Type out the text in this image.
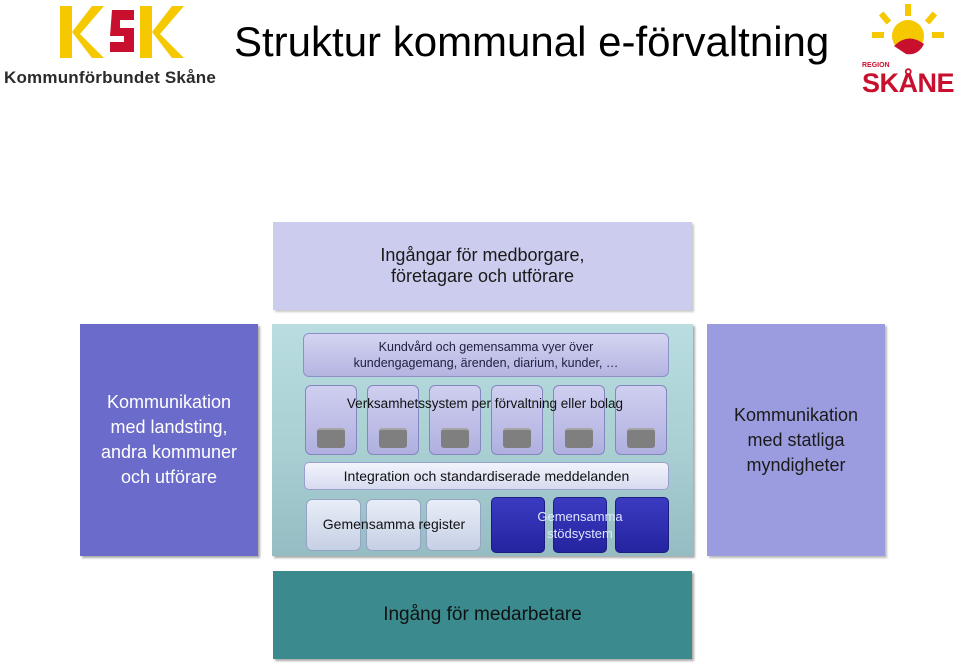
Kommunförbundet Skåne
REGION
SKÅNE
Struktur kommunal e-förvaltning
Ingångar för medborgare,
företagare och utförare
Kommunikation
med landsting,
andra kommuner
och utförare
Kundvård och gemensamma vyer över
kundengagemang, ärenden, diarium, kunder, …
Verksamhetssystem per förvaltning eller bolag
Integration och standardiserade meddelanden
Gemensamma register	Gemensamma
stödsystem
Kommunikation
med statliga
myndigheter
Ingång för medarbetare
